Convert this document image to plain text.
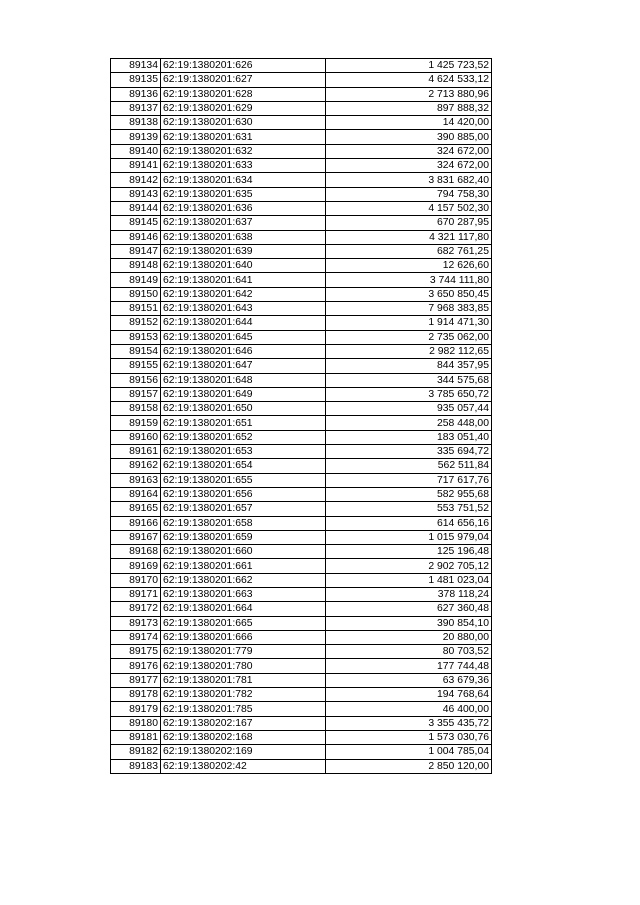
89134	62:19:1380201:626	1 425 723,52
89135	62:19:1380201:627	4 624 533,12
89136	62:19:1380201:628	2 713 880,96
89137	62:19:1380201:629	897 888,32
89138	62:19:1380201:630	14 420,00
89139	62:19:1380201:631	390 885,00
89140	62:19:1380201:632	324 672,00
89141	62:19:1380201:633	324 672,00
89142	62:19:1380201:634	3 831 682,40
89143	62:19:1380201:635	794 758,30
89144	62:19:1380201:636	4 157 502,30
89145	62:19:1380201:637	670 287,95
89146	62:19:1380201:638	4 321 117,80
89147	62:19:1380201:639	682 761,25
89148	62:19:1380201:640	12 626,60
89149	62:19:1380201:641	3 744 111,80
89150	62:19:1380201:642	3 650 850,45
89151	62:19:1380201:643	7 968 383,85
89152	62:19:1380201:644	1 914 471,30
89153	62:19:1380201:645	2 735 062,00
89154	62:19:1380201:646	2 982 112,65
89155	62:19:1380201:647	844 357,95
89156	62:19:1380201:648	344 575,68
89157	62:19:1380201:649	3 785 650,72
89158	62:19:1380201:650	935 057,44
89159	62:19:1380201:651	258 448,00
89160	62:19:1380201:652	183 051,40
89161	62:19:1380201:653	335 694,72
89162	62:19:1380201:654	562 511,84
89163	62:19:1380201:655	717 617,76
89164	62:19:1380201:656	582 955,68
89165	62:19:1380201:657	553 751,52
89166	62:19:1380201:658	614 656,16
89167	62:19:1380201:659	1 015 979,04
89168	62:19:1380201:660	125 196,48
89169	62:19:1380201:661	2 902 705,12
89170	62:19:1380201:662	1 481 023,04
89171	62:19:1380201:663	378 118,24
89172	62:19:1380201:664	627 360,48
89173	62:19:1380201:665	390 854,10
89174	62:19:1380201:666	20 880,00
89175	62:19:1380201:779	80 703,52
89176	62:19:1380201:780	177 744,48
89177	62:19:1380201:781	63 679,36
89178	62:19:1380201:782	194 768,64
89179	62:19:1380201:785	46 400,00
89180	62:19:1380202:167	3 355 435,72
89181	62:19:1380202:168	1 573 030,76
89182	62:19:1380202:169	1 004 785,04
89183	62:19:1380202:42	2 850 120,00
